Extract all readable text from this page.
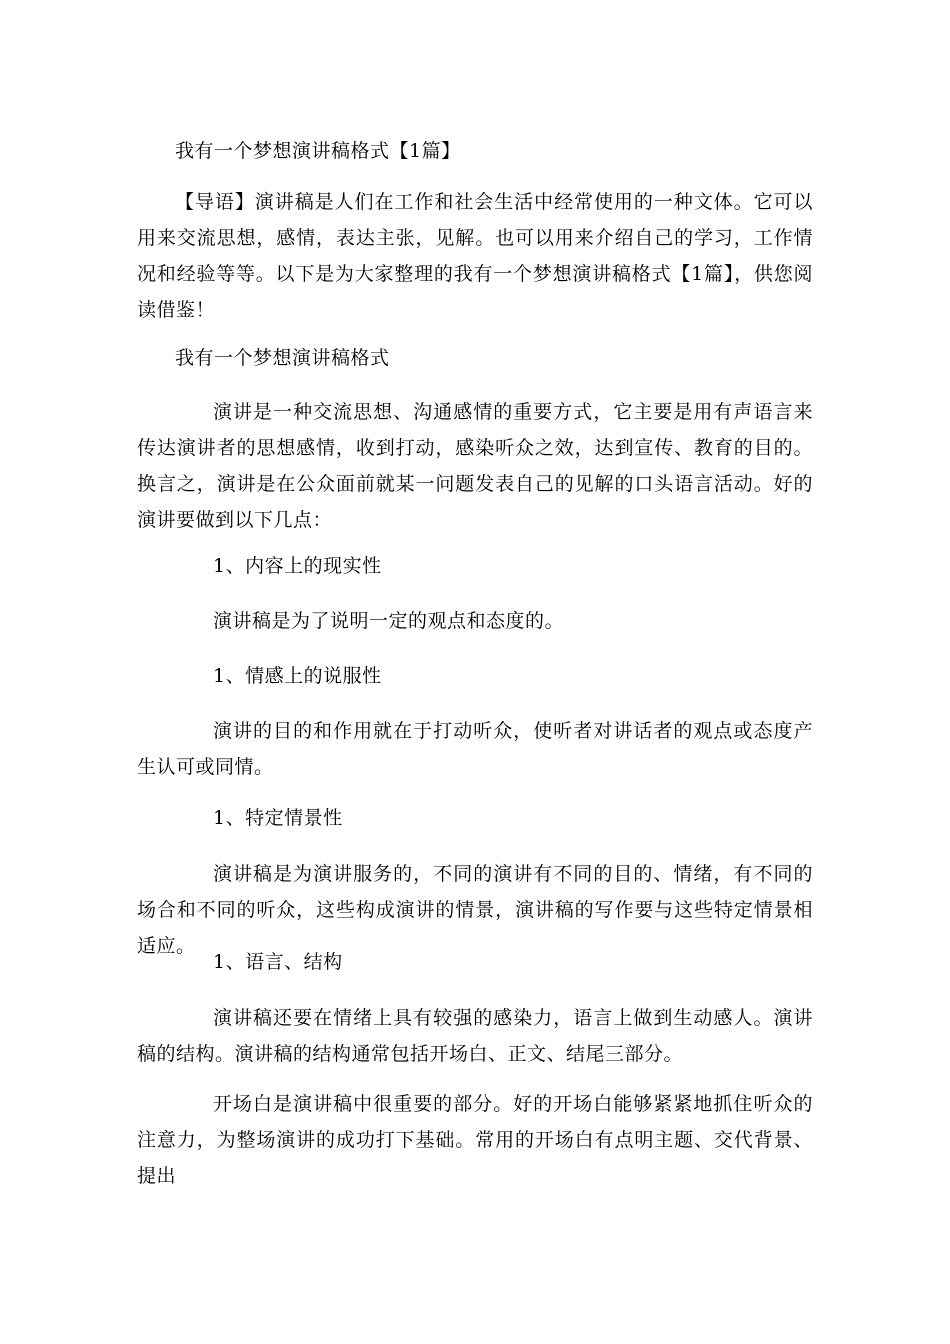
我有一个梦想演讲稿格式【1篇】
【导语】演讲稿是人们在工作和社会生活中经常使用的一种文体。它可以用来交流思想，感情，表达主张，见解。也可以用来介绍自己的学习，工作情况和经验等等。以下是为大家整理的我有一个梦想演讲稿格式【1篇】，供您阅读借鉴！
我有一个梦想演讲稿格式
演讲是一种交流思想、沟通感情的重要方式，它主要是用有声语言来传达演讲者的思想感情，收到打动，感染听众之效，达到宣传、教育的目的。换言之，演讲是在公众面前就某一问题发表自己的见解的口头语言活动。好的演讲要做到以下几点：
1、内容上的现实性
演讲稿是为了说明一定的观点和态度的。
1、情感上的说服性
演讲的目的和作用就在于打动听众，使听者对讲话者的观点或态度产生认可或同情。
1、特定情景性
演讲稿是为演讲服务的，不同的演讲有不同的目的、情绪，有不同的场合和不同的听众，这些构成演讲的情景，演讲稿的写作要与这些特定情景相适应。
1、语言、结构
演讲稿还要在情绪上具有较强的感染力，语言上做到生动感人。演讲稿的结构。演讲稿的结构通常包括开场白、正文、结尾三部分。
开场白是演讲稿中很重要的部分。好的开场白能够紧紧地抓住听众的注意力，为整场演讲的成功打下基础。常用的开场白有点明主题、交代背景、提出
